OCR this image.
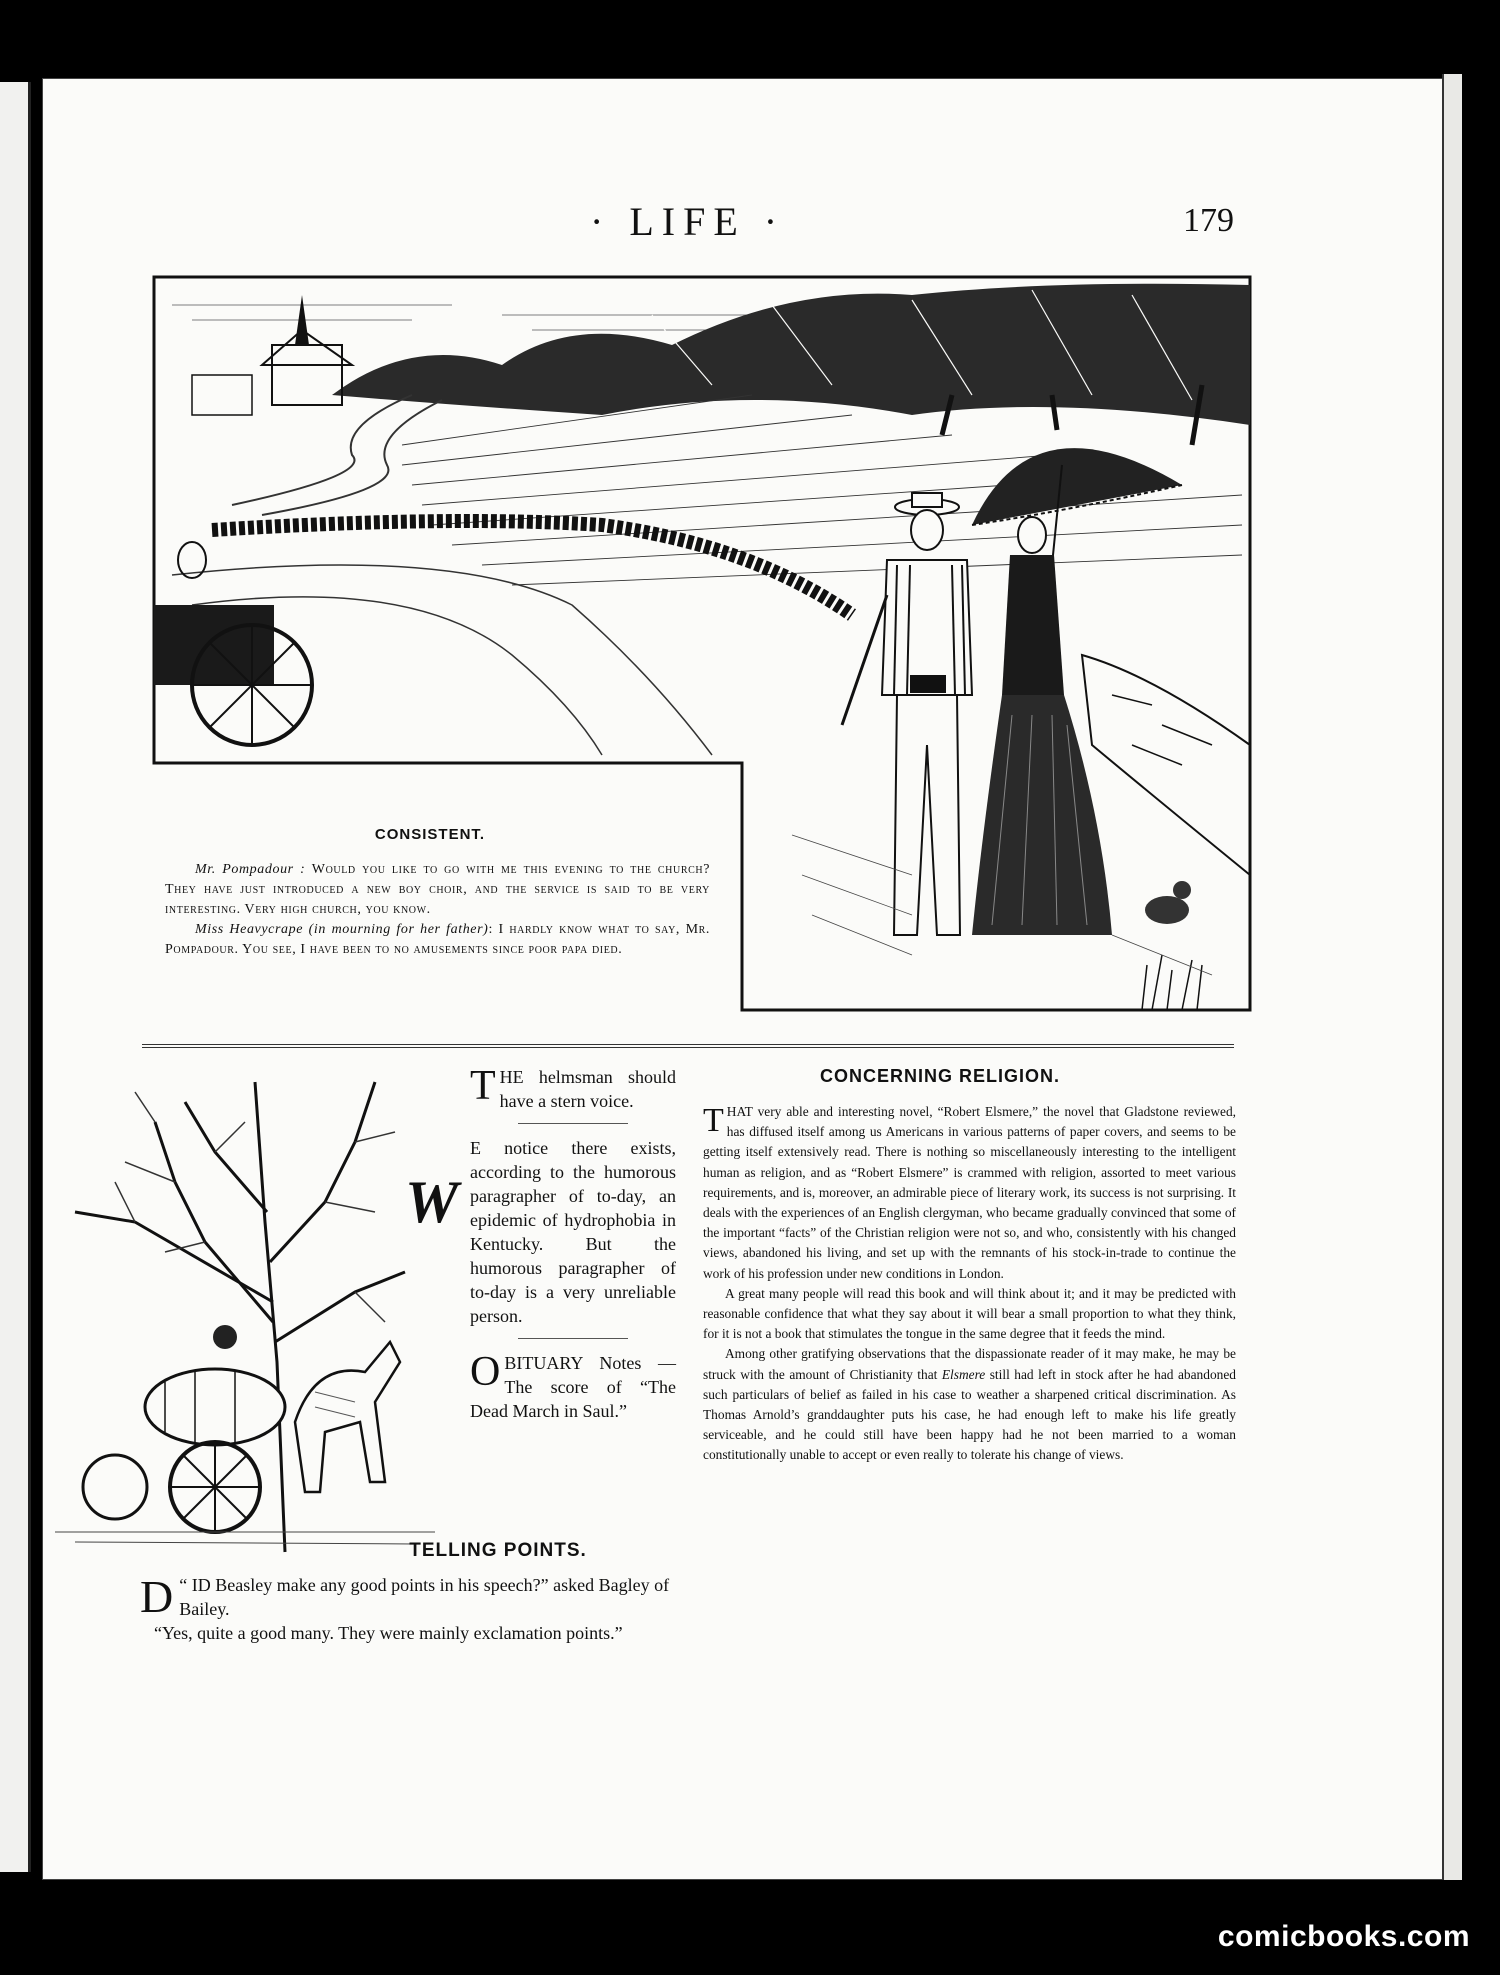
· LIFE ·	179
CONSISTENT.

Mr. Pompadour : Would you like to go with me this evening to the church? They have just introduced a new boy choir, and the service is said to be very interesting. Very high church, you know.

Miss Heavycrape (in mourning for her father): I hardly know what to say, Mr. Pompadour. You see, I have been to no amusements since poor papa died.

W
THE helmsman should have a stern voice.
E notice there exists, according to the humorous paragrapher of to-day, an epidemic of hydrophobia in Kentucky. But the humorous paragrapher of to-day is a very unreliable person.
OBITUARY Notes —The score of “The Dead March in Saul.”
TELLING POINTS.

“
D ID Beasley make any good points in his speech?” asked Bagley of Bailey.

“Yes, quite a good many. They were mainly exclamation points.”

CONCERNING RELIGION.

THAT very able and interesting novel, “Robert Elsmere,” the novel that Gladstone reviewed, has diffused itself among us Americans in various patterns of paper covers, and seems to be getting itself extensively read. There is nothing so miscellaneously interesting to the intelligent human as religion, and as “Robert Elsmere” is crammed with religion, assorted to meet various requirements, and is, moreover, an admirable piece of literary work, its success is not surprising. It deals with the experiences of an English clergyman, who became gradually convinced that some of the important “facts” of the Christian religion were not so, and who, consistently with his changed views, abandoned his living, and set up with the remnants of his stock-in-trade to continue the work of his profession under new conditions in London.

A great many people will read this book and will think about it; and it may be predicted with reasonable confidence that what they say about it will bear a small proportion to what they think, for it is not a book that stimulates the tongue in the same degree that it feeds the mind.

Among other gratifying observations that the dispassionate reader of it may make, he may be struck with the amount of Christianity that Elsmere still had left in stock after he had abandoned such particulars of belief as failed in his case to weather a sharpened critical discrimination. As Thomas Arnold’s granddaughter puts his case, he had enough left to make his life greatly serviceable, and he could still have been happy had he not been married to a woman constitutionally unable to accept or even really to tolerate his change of views.

comicbooks.com
